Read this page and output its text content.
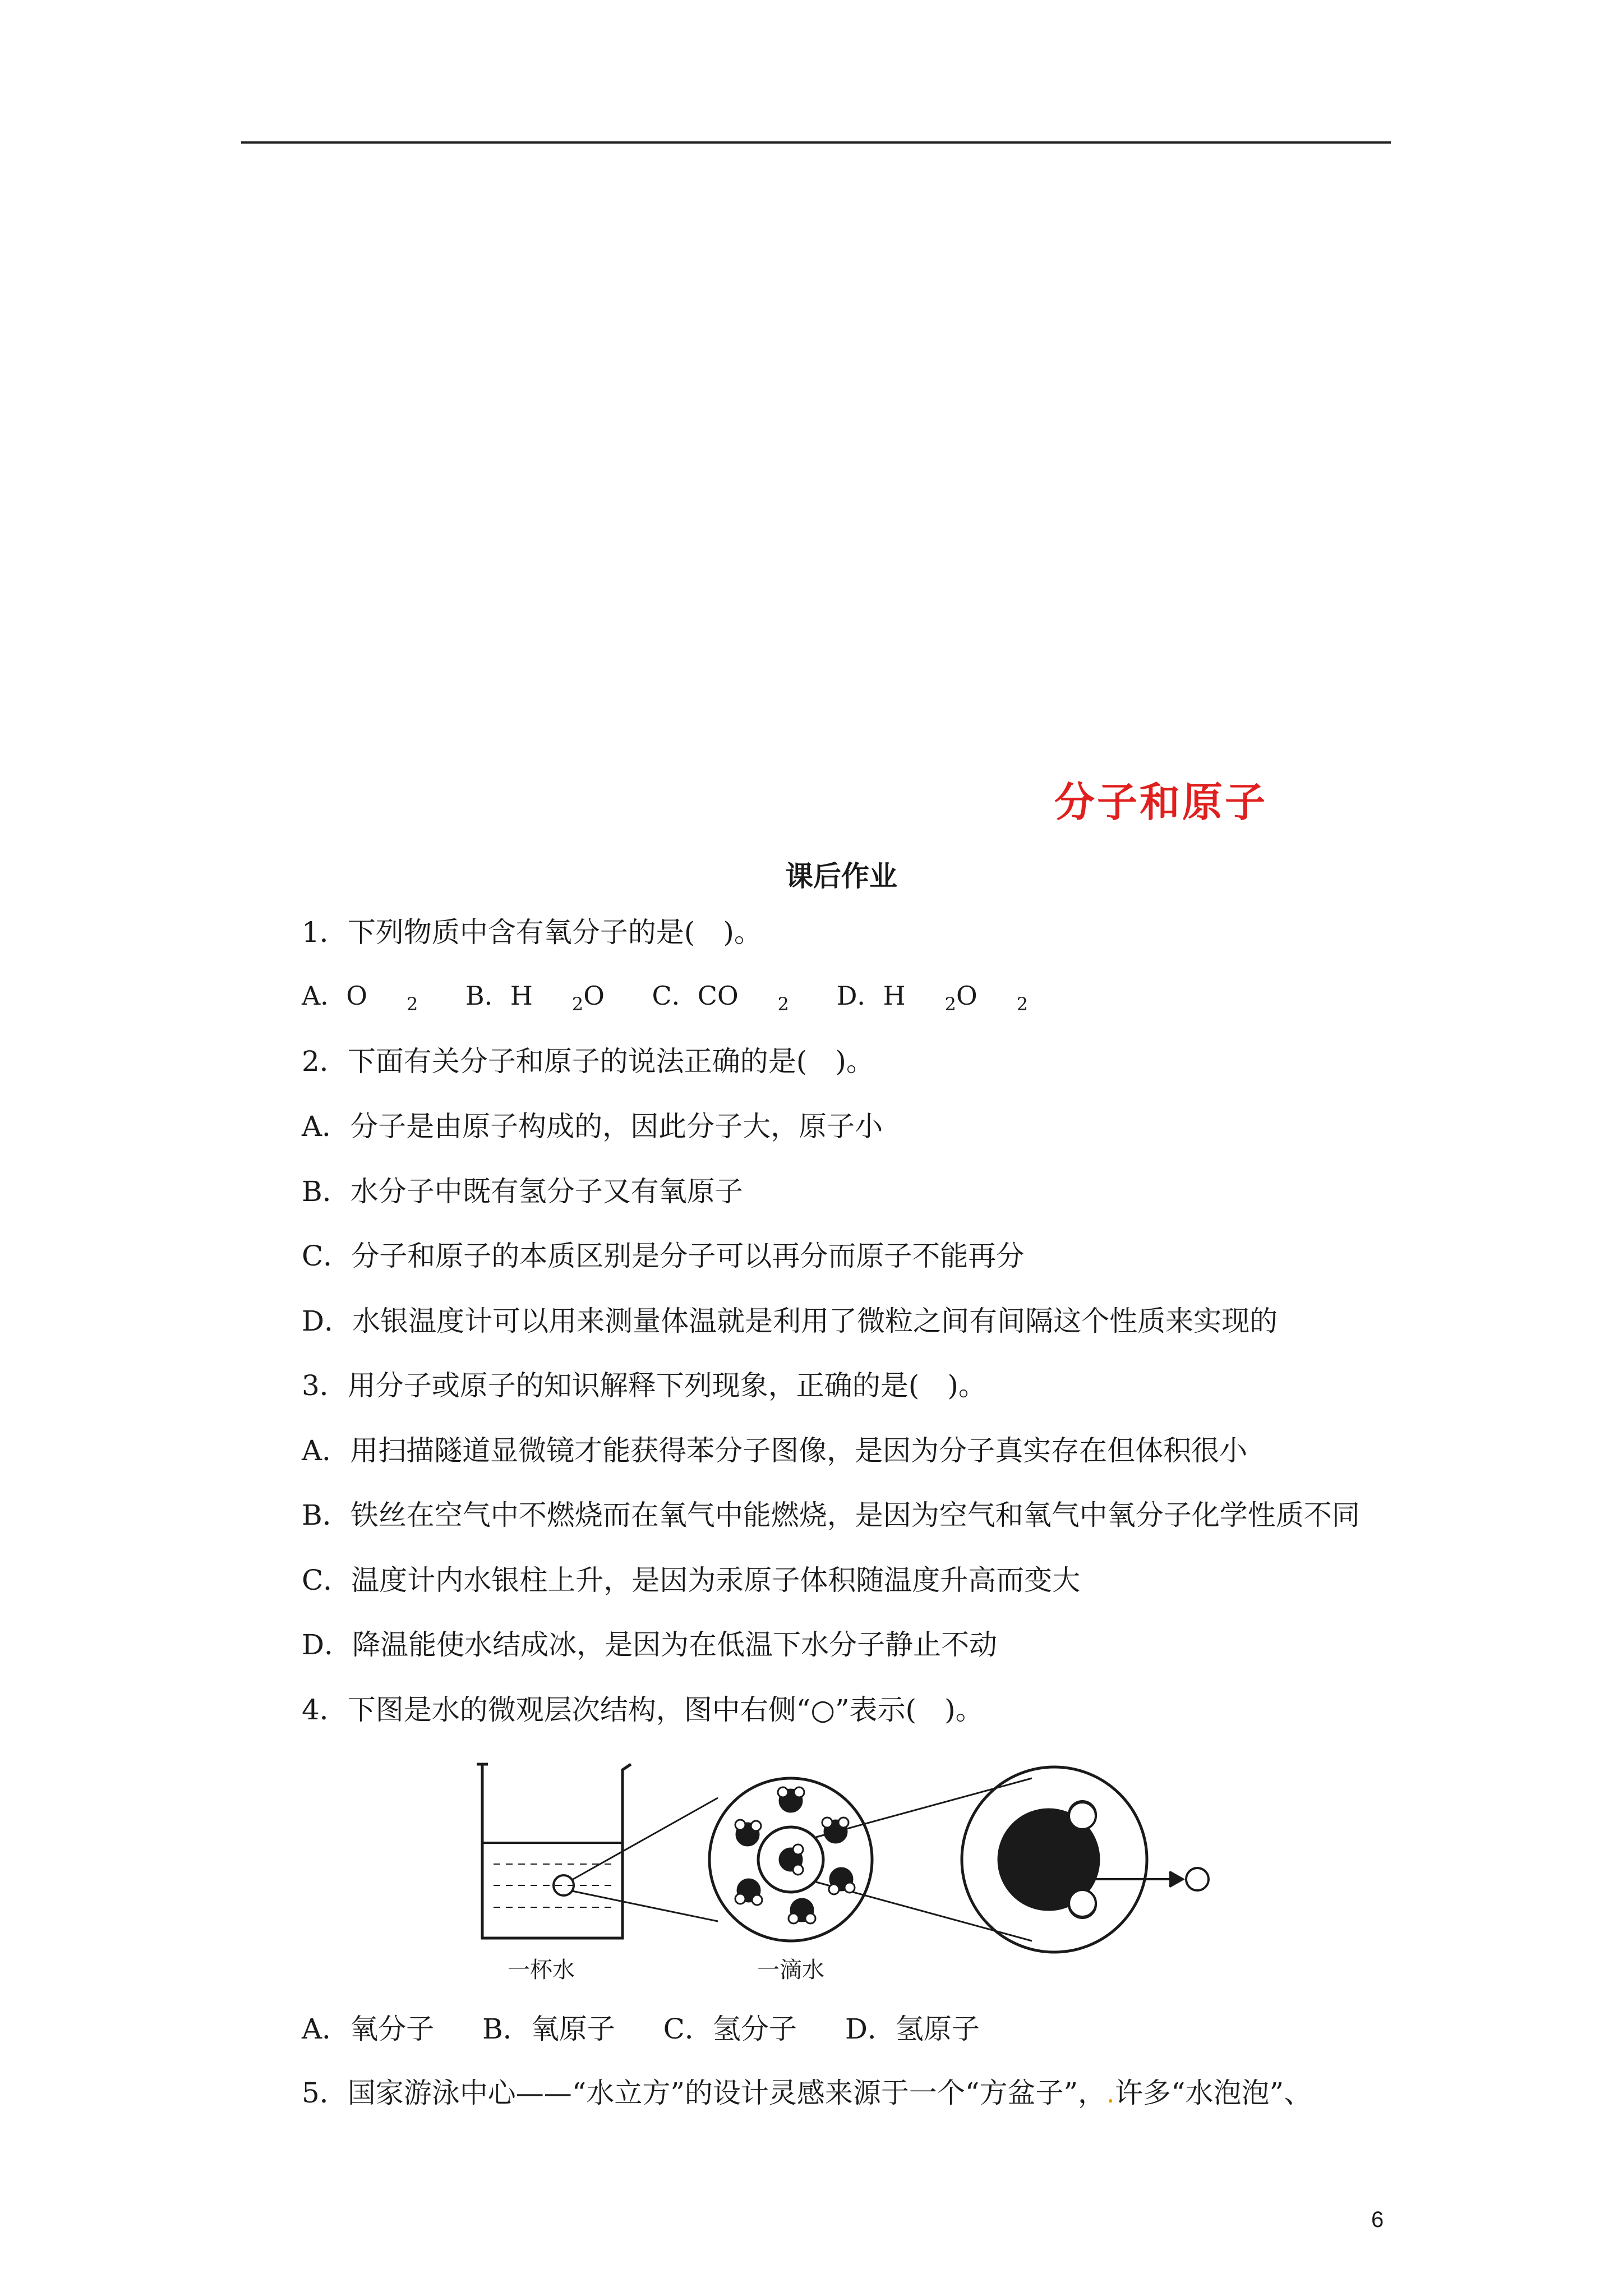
分子和原子
课后作业
1．下列物质中含有氧分子的是(　)。
A．O $_2$ B．H $_2$O C．CO $_2$ D．H $_2$O $_2$
2．下面有关分子和原子的说法正确的是(　)。
A．分子是由原子构成的，因此分子大，原子小
B．水分子中既有氢分子又有氧原子
C．分子和原子的本质区别是分子可以再分而原子不能再分
D．水银温度计可以用来测量体温就是利用了微粒之间有间隔这个性质来实现的
3．用分子或原子的知识解释下列现象，正确的是(　)。
A．用扫描隧道显微镜才能获得苯分子图像，是因为分子真实存在但体积很小
B．铁丝在空气中不燃烧而在氧气中能燃烧，是因为空气和氧气中氧分子化学性质不同
C．温度计内水银柱上升，是因为汞原子体积随温度升高而变大
D．降温能使水结成冰，是因为在低温下水分子静止不动
4．下图是水的微观层次结构，图中右侧“○”表示(　)。
一杯水	一滴水
A．氧分子 B．氧原子 C．氢分子 D．氢原子
5．国家游泳中心——“水立方”的设计灵感来源于一个“方盆子”，.许多“水泡泡”、
6
